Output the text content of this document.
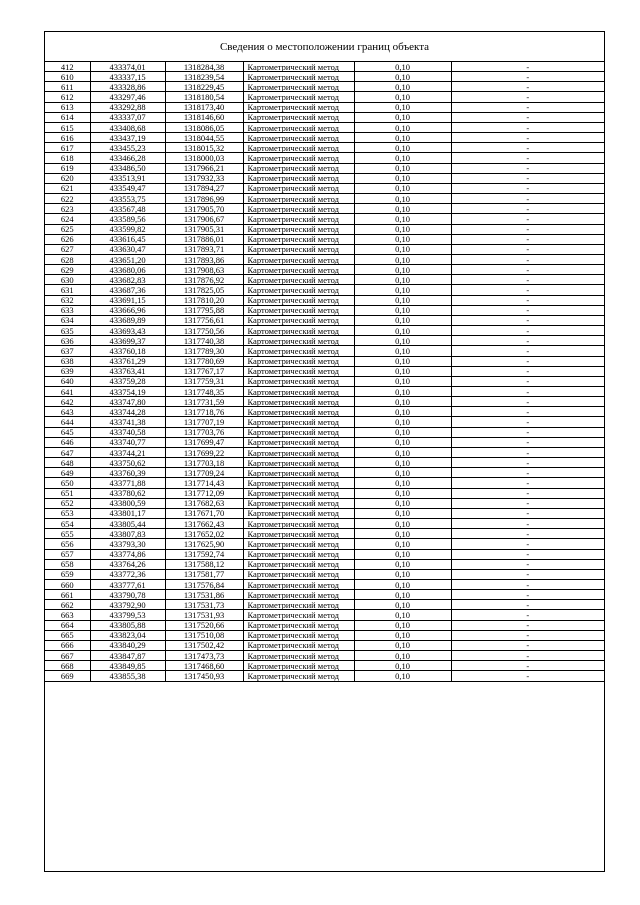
Сведения о местоположении границ объекта
412	433374,01	1318284,38	Картометрический метод	0,10	-
610	433337,15	1318239,54	Картометрический метод	0,10	-
611	433328,86	1318229,45	Картометрический метод	0,10	-
612	433297,46	1318180,54	Картометрический метод	0,10	-
613	433292,88	1318173,40	Картометрический метод	0,10	-
614	433337,07	1318146,60	Картометрический метод	0,10	-
615	433408,68	1318086,05	Картометрический метод	0,10	-
616	433437,19	1318044,55	Картометрический метод	0,10	-
617	433455,23	1318015,32	Картометрический метод	0,10	-
618	433466,28	1318000,03	Картометрический метод	0,10	-
619	433486,50	1317966,21	Картометрический метод	0,10	-
620	433513,91	1317932,33	Картометрический метод	0,10	-
621	433549,47	1317894,27	Картометрический метод	0,10	-
622	433553,75	1317896,99	Картометрический метод	0,10	-
623	433567,48	1317905,70	Картометрический метод	0,10	-
624	433589,56	1317906,67	Картометрический метод	0,10	-
625	433599,82	1317905,31	Картометрический метод	0,10	-
626	433616,45	1317886,01	Картометрический метод	0,10	-
627	433630,47	1317893,71	Картометрический метод	0,10	-
628	433651,20	1317893,86	Картометрический метод	0,10	-
629	433680,06	1317908,63	Картометрический метод	0,10	-
630	433682,83	1317876,92	Картометрический метод	0,10	-
631	433687,36	1317825,05	Картометрический метод	0,10	-
632	433691,15	1317810,20	Картометрический метод	0,10	-
633	433666,96	1317795,88	Картометрический метод	0,10	-
634	433689,89	1317756,61	Картометрический метод	0,10	-
635	433693,43	1317750,56	Картометрический метод	0,10	-
636	433699,37	1317740,38	Картометрический метод	0,10	-
637	433760,18	1317789,30	Картометрический метод	0,10	-
638	433761,29	1317780,69	Картометрический метод	0,10	-
639	433763,41	1317767,17	Картометрический метод	0,10	-
640	433759,28	1317759,31	Картометрический метод	0,10	-
641	433754,19	1317748,35	Картометрический метод	0,10	-
642	433747,80	1317731,59	Картометрический метод	0,10	-
643	433744,28	1317718,76	Картометрический метод	0,10	-
644	433741,38	1317707,19	Картометрический метод	0,10	-
645	433740,58	1317703,76	Картометрический метод	0,10	-
646	433740,77	1317699,47	Картометрический метод	0,10	-
647	433744,21	1317699,22	Картометрический метод	0,10	-
648	433750,62	1317703,18	Картометрический метод	0,10	-
649	433760,39	1317709,24	Картометрический метод	0,10	-
650	433771,88	1317714,43	Картометрический метод	0,10	-
651	433780,62	1317712,09	Картометрический метод	0,10	-
652	433800,59	1317682,63	Картометрический метод	0,10	-
653	433801,17	1317671,70	Картометрический метод	0,10	-
654	433805,44	1317662,43	Картометрический метод	0,10	-
655	433807,83	1317652,02	Картометрический метод	0,10	-
656	433793,30	1317625,90	Картометрический метод	0,10	-
657	433774,86	1317592,74	Картометрический метод	0,10	-
658	433764,26	1317588,12	Картометрический метод	0,10	-
659	433772,36	1317581,77	Картометрический метод	0,10	-
660	433777,61	1317576,84	Картометрический метод	0,10	-
661	433790,78	1317531,86	Картометрический метод	0,10	-
662	433792,90	1317531,73	Картометрический метод	0,10	-
663	433799,53	1317531,93	Картометрический метод	0,10	-
664	433805,88	1317520,66	Картометрический метод	0,10	-
665	433823,04	1317510,08	Картометрический метод	0,10	-
666	433840,29	1317502,42	Картометрический метод	0,10	-
667	433847,87	1317473,73	Картометрический метод	0,10	-
668	433849,85	1317468,60	Картометрический метод	0,10	-
669	433855,38	1317450,93	Картометрический метод	0,10	-
